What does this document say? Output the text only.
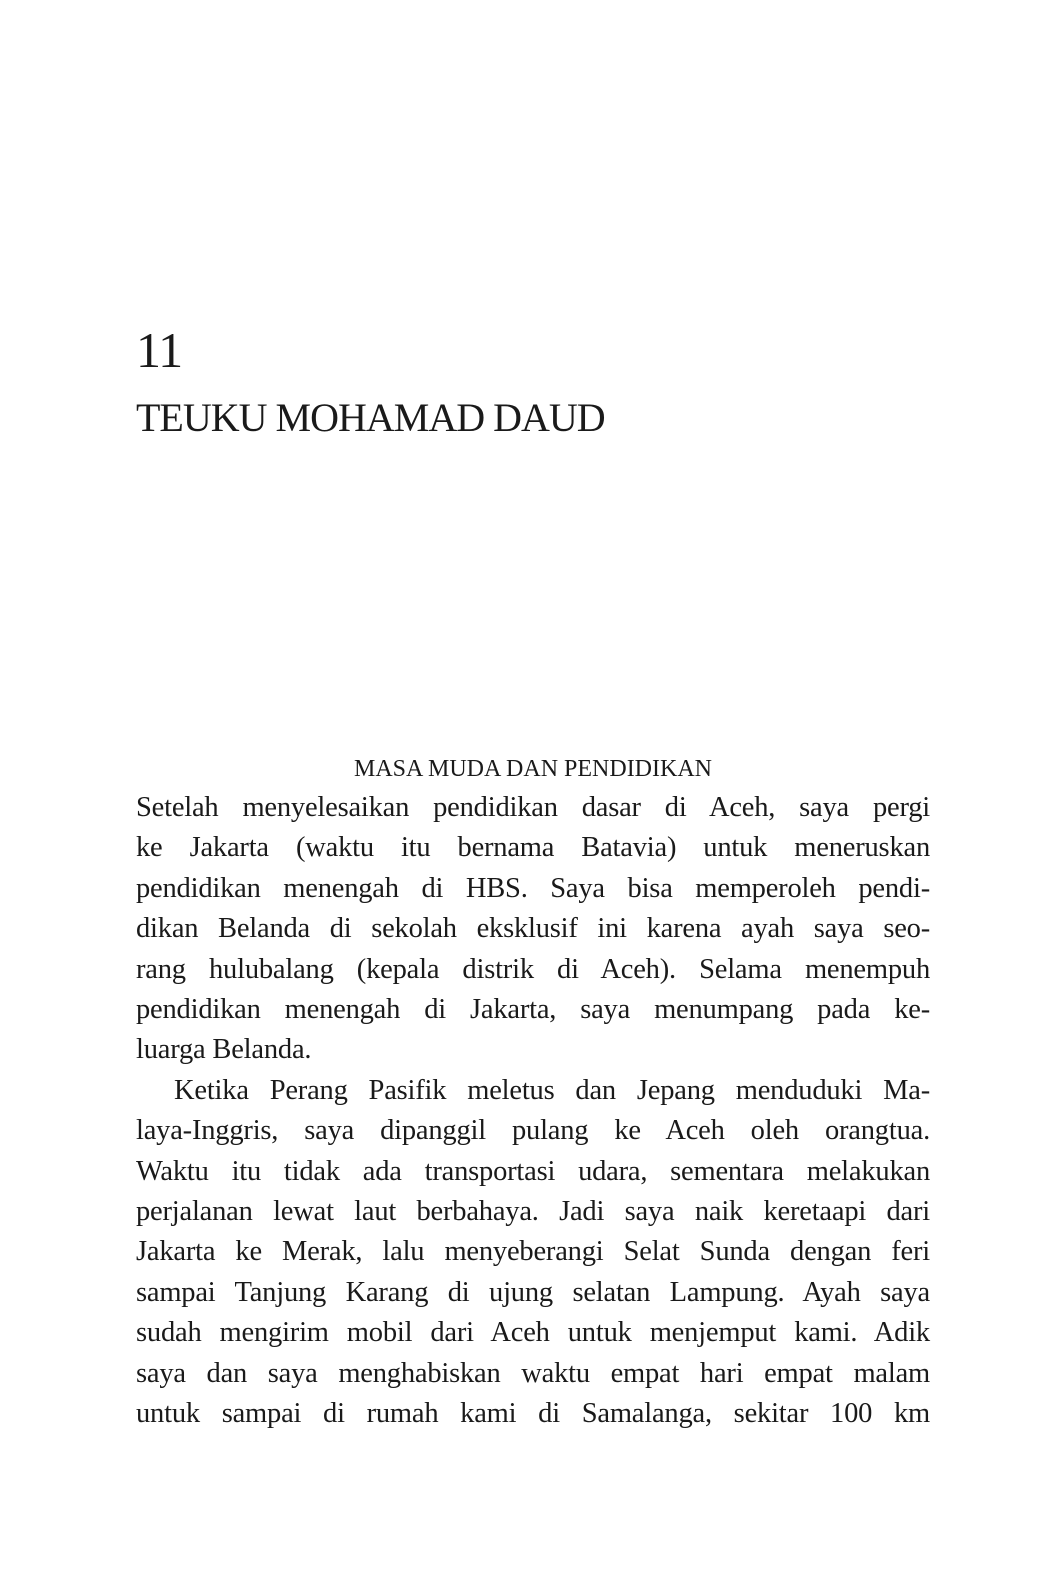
11
TEUKU MOHAMAD DAUD
MASA MUDA DAN PENDIDIKAN

Setelah menyelesaikan pendidikan dasar di Aceh, saya pergi
ke Jakarta (waktu itu bernama Batavia) untuk meneruskan
pendidikan menengah di HBS. Saya bisa memperoleh pendi-
dikan Belanda di sekolah eksklusif ini karena ayah saya seo-
rang hulubalang (kepala distrik di Aceh). Selama menempuh
pendidikan menengah di Jakarta, saya menumpang pada ke-
luarga Belanda.

Ketika Perang Pasifik meletus dan Jepang menduduki Ma-
laya-Inggris, saya dipanggil pulang ke Aceh oleh orangtua.
Waktu itu tidak ada transportasi udara, sementara melakukan
perjalanan lewat laut berbahaya. Jadi saya naik keretaapi dari
Jakarta ke Merak, lalu menyeberangi Selat Sunda dengan feri
sampai Tanjung Karang di ujung selatan Lampung. Ayah saya
sudah mengirim mobil dari Aceh untuk menjemput kami. Adik
saya dan saya menghabiskan waktu empat hari empat malam
untuk sampai di rumah kami di Samalanga, sekitar 100 km
